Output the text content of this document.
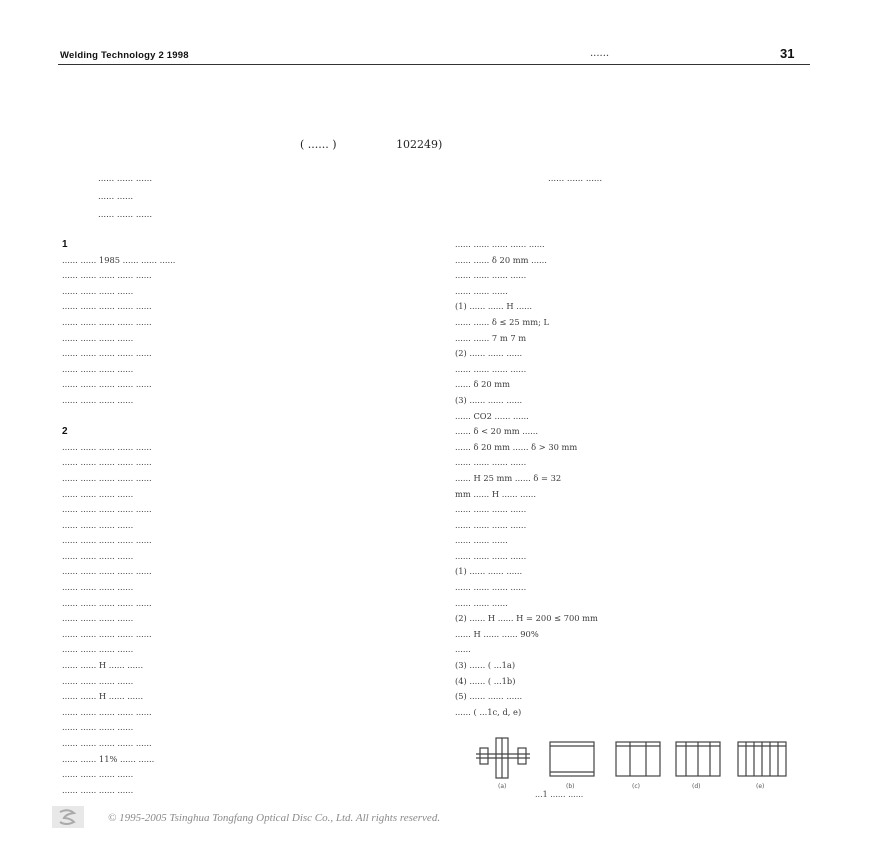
Welding Technology 2 1998	......	31
( ...... )	102249)
...... ...... ......
...... ......
...... ...... ......
...... ...... ......
1
...... ...... 1985 ...... ...... ......
...... ...... ...... ...... ......
...... ...... ...... ......
...... ...... ...... ...... ......
...... ...... ...... ...... ......
...... ...... ...... ......
...... ...... ...... ...... ......
...... ...... ...... ......
...... ...... ...... ...... ......
...... ...... ...... ......
2
...... ...... ...... ...... ......
...... ...... ...... ...... ......
...... ...... ...... ...... ......
...... ...... ...... ......
...... ...... ...... ...... ......
...... ...... ...... ......
...... ...... ...... ...... ......
...... ...... ...... ......
...... ...... ...... ...... ......
...... ...... ...... ......
...... ...... ...... ...... ......
...... ...... ...... ......
...... ...... ...... ...... ......
...... ...... ...... ......
...... ...... H ...... ......
...... ...... ...... ......
...... ...... H ...... ......
...... ...... ...... ...... ......
...... ...... ...... ......
...... ...... ...... ...... ......
...... ...... 11% ...... ......
...... ...... ...... ......
...... ...... ...... ......
...... ...... ...... ...... ......
...... ...... δ 20 mm ......
...... ...... ...... ......
...... ...... ......
(1) ...... ...... H ......
...... ...... δ ≤ 25 mm; L
...... ...... 7 m 7 m
(2) ...... ...... ......
...... ...... ...... ......
...... δ 20 mm
(3) ...... ...... ......
...... CO2 ...... ......
...... δ < 20 mm ......
...... δ 20 mm ...... δ > 30 mm
...... ...... ...... ......
...... H 25 mm ...... δ = 32
mm ...... H ...... ......
...... ...... ...... ......
...... ...... ...... ......
...... ...... ......
...... ...... ...... ......
(1) ...... ...... ......
...... ...... ...... ......
...... ...... ......
(2) ...... H ...... H = 200 ≤ 700 mm
...... H ...... ...... 90%
......
(3) ...... ( ...1a)
(4) ...... ( ...1b)
(5) ...... ...... ......
...... ( ...1c, d, e)
(a)	(b)	(c)	(d)	(e)
...1 ...... ......
© 1995-2005 Tsinghua Tongfang Optical Disc Co., Ltd. All rights reserved.
